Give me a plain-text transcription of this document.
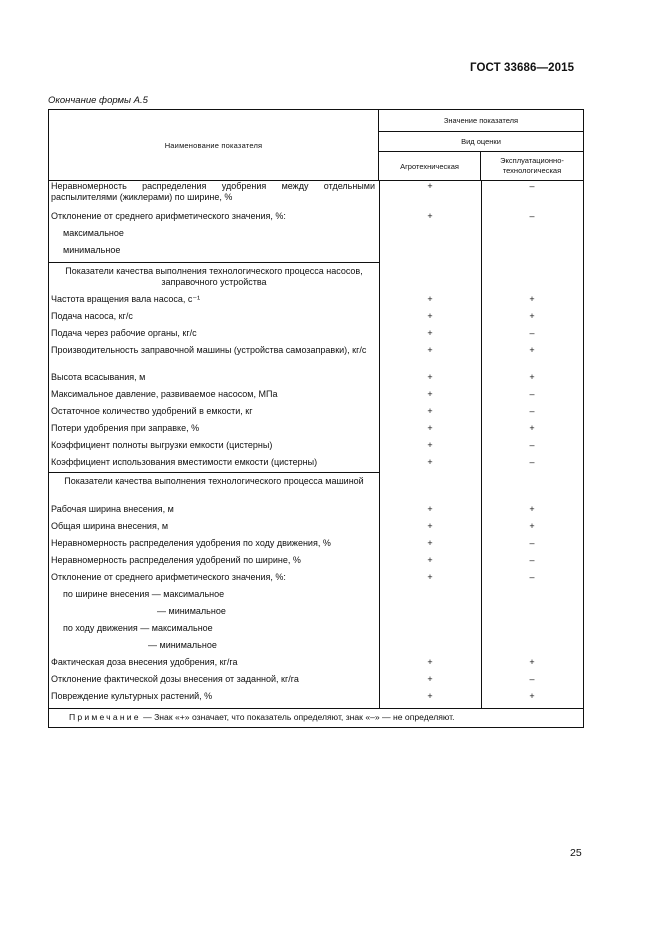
ГОСТ 33686—2015
Окончание формы А.5
Наименование показателя
Значение показателя
Вид оценки
Агротехническая
Эксплуатационно-технологическая
Неравномерность распределения удобрения между отдельными распылителями (жиклерами) по ширине, %
+	–
Отклонение от среднего арифметического значения, %:	+	–
максимальное
минимальное
Показатели качества выполнения технологического процесса насосов, заправочного устройства
Частота вращения вала насоса, с⁻¹	+	+
Подача насоса, кг/с	+	+
Подача через рабочие органы, кг/с	+	–
Производительность заправочной машины (устройства самозаправки), кг/с	+	+
Высота всасывания, м	+	+
Максимальное давление, развиваемое насосом, МПа	+	–
Остаточное количество удобрений в емкости, кг	+	–
Потери удобрения при заправке, %	+	+
Коэффициент полноты выгрузки емкости (цистерны)	+	–
Коэффициент использования вместимости емкости (цистерны)	+	–
Показатели качества выполнения технологического процесса машиной
Рабочая ширина внесения, м	+	+
Общая ширина внесения, м	+	+
Неравномерность распределения удобрения по ходу движения, %	+	–
Неравномерность распределения удобрений по ширине, %	+	–
Отклонение от среднего арифметического значения, %:	+	–
по ширине внесения — максимальное
— минимальное
по ходу движения — максимальное
— минимальное
Фактическая доза внесения удобрения, кг/га	+	+
Отклонение фактической дозы внесения от заданной, кг/га	+	–
Повреждение культурных растений, %	+	+
Примечание — Знак «+» означает, что показатель определяют, знак «–» — не определяют.
25
